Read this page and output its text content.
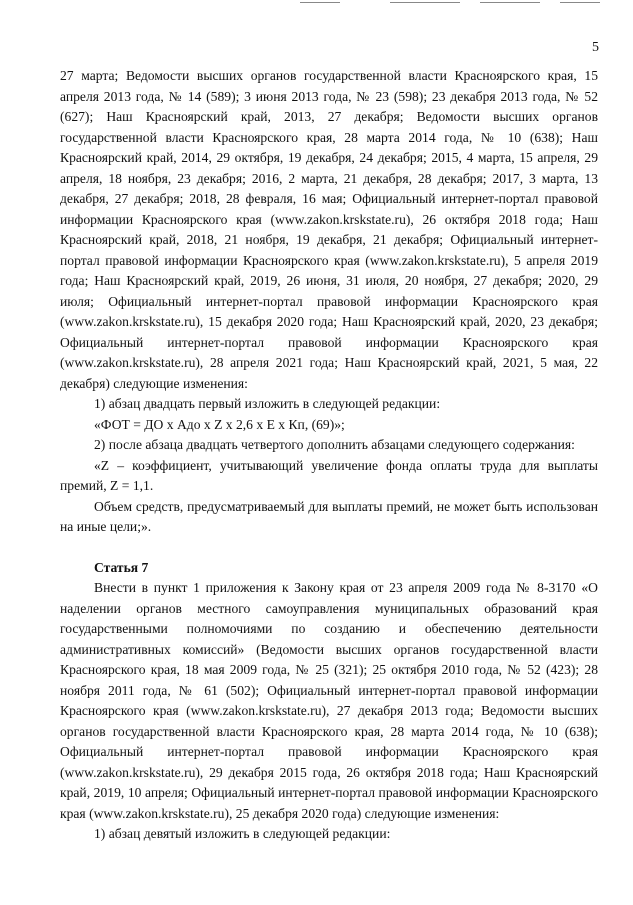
5

27 марта; Ведомости высших органов государственной власти Красноярского края, 15 апреля 2013 года, № 14 (589); 3 июня 2013 года, № 23 (598); 23 декабря 2013 года, № 52 (627); Наш Красноярский край, 2013, 27 декабря; Ведомости высших органов государственной власти Красноярского края, 28 марта 2014 года, № 10 (638); Наш Красноярский край, 2014, 29 октября, 19 декабря, 24 декабря; 2015, 4 марта, 15 апреля, 29 апреля, 18 ноября, 23 декабря; 2016, 2 марта, 21 декабря, 28 декабря; 2017, 3 марта, 13 декабря, 27 декабря; 2018, 28 февраля, 16 мая; Официальный интернет-портал правовой информации Красноярского края (www.zakon.krskstate.ru), 26 октября 2018 года; Наш Красноярский край, 2018, 21 ноября, 19 декабря, 21 декабря; Официальный интернет-портал правовой информации Красноярского края (www.zakon.krskstate.ru), 5 апреля 2019 года; Наш Красноярский край, 2019, 26 июня, 31 июля, 20 ноября, 27 декабря; 2020, 29 июля; Официальный интернет-портал правовой информации Красноярского края (www.zakon.krskstate.ru), 15 декабря 2020 года; Наш Красноярский край, 2020, 23 декабря; Официальный интернет-портал правовой информации Красноярского края (www.zakon.krskstate.ru), 28 апреля 2021 года; Наш Красноярский край, 2021, 5 мая, 22 декабря) следующие изменения:

1) абзац двадцать первый изложить в следующей редакции:

«ФОТ = ДО x Адо x Z x 2,6 x E x Кп, (69)»;

2) после абзаца двадцать четвертого дополнить абзацами следующего содержания:

«Z – коэффициент, учитывающий увеличение фонда оплаты труда для выплаты премий, Z = 1,1.

Объем средств, предусматриваемый для выплаты премий, не может быть использован на иные цели;».

Статья 7

Внести в пункт 1 приложения к Закону края от 23 апреля 2009 года № 8-3170 «О наделении органов местного самоуправления муниципальных образований края государственными полномочиями по созданию и обеспечению деятельности административных комиссий» (Ведомости высших органов государственной власти Красноярского края, 18 мая 2009 года, № 25 (321); 25 октября 2010 года, № 52 (423); 28 ноября 2011 года, № 61 (502); Официальный интернет-портал правовой информации Красноярского края (www.zakon.krskstate.ru), 27 декабря 2013 года; Ведомости высших органов государственной власти Красноярского края, 28 марта 2014 года, № 10 (638); Официальный интернет-портал правовой информации Красноярского края (www.zakon.krskstate.ru), 29 декабря 2015 года, 26 октября 2018 года; Наш Красноярский край, 2019, 10 апреля; Официальный интернет-портал правовой информации Красноярского края (www.zakon.krskstate.ru), 25 декабря 2020 года) следующие изменения:

1) абзац девятый изложить в следующей редакции:
